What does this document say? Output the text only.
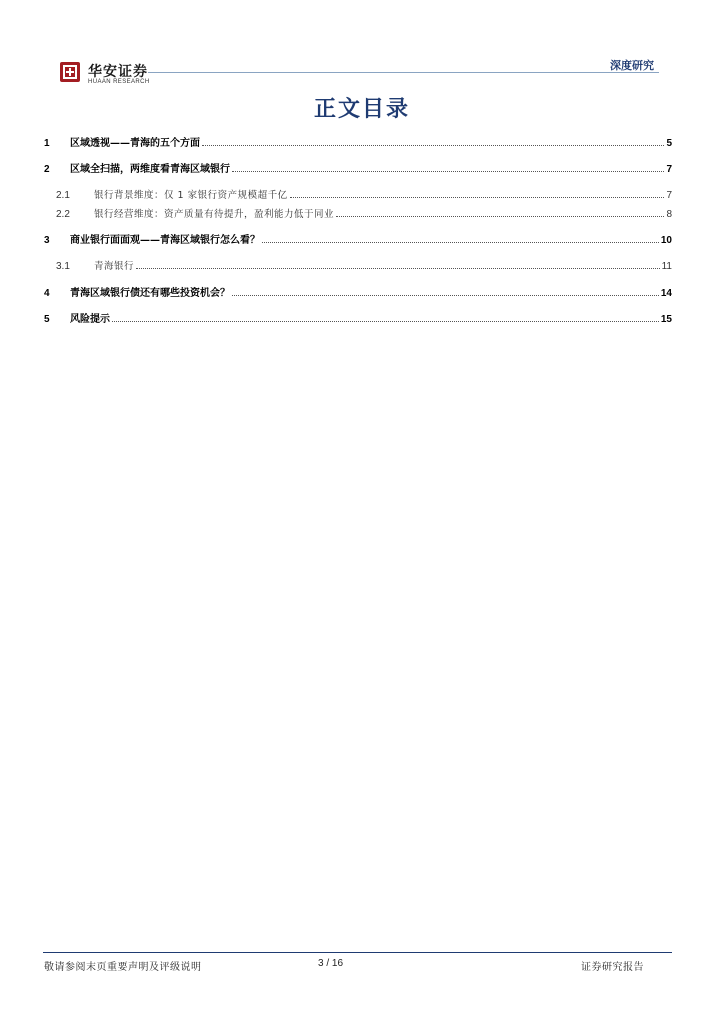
华安证券
HUAAN RESEARCH
深度研究
正文目录
1	区域透视——青海的五个方面	5
2	区域全扫描，两维度看青海区域银行	7
2.1	银行背景维度：仅 1 家银行资产规模超千亿	7
2.2	银行经营维度：资产质量有待提升，盈利能力低于同业	8
3	商业银行面面观——青海区域银行怎么看？	10
3.1	青海银行	11
4	青海区域银行债还有哪些投资机会？	14
5	风险提示	15
敬请参阅末页重要声明及评级说明	3 / 16	证券研究报告
